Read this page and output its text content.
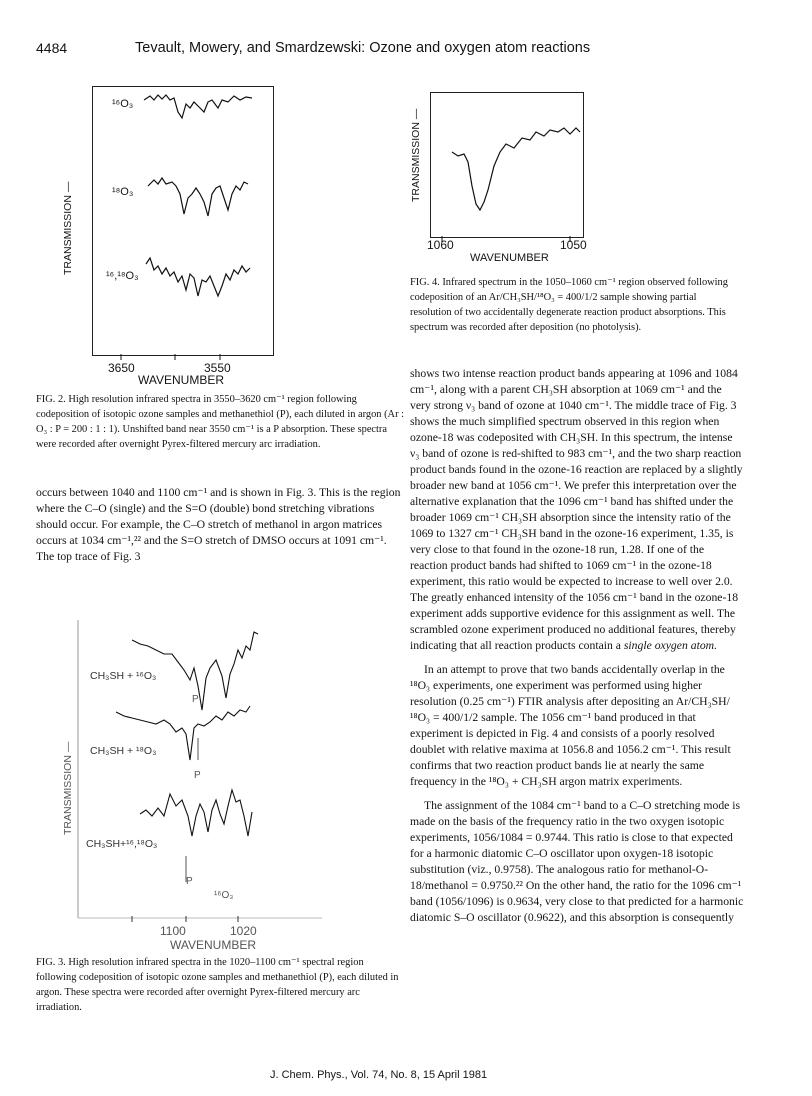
4484	Tevault, Mowery, and Smardzewski: Ozone and oxygen atom reactions
TRANSMISSION —
¹⁶O₃
¹⁸O₃
¹⁶,¹⁸O₃
3650	3550
WAVENUMBER
FIG. 2. High resolution infrared spectra in 3550–3620 cm⁻¹ region following codeposition of isotopic ozone samples and methanethiol (P), each diluted in argon (Ar : O₃ : P = 200 : 1 : 1). Unshifted band near 3550 cm⁻¹ is a P absorption. These spectra were recorded after overnight Pyrex-filtered mercury arc irradiation.

occurs between 1040 and 1100 cm⁻¹ and is shown in Fig. 3. This is the region where the C–O (single) and the S=O (double) bond stretching vibrations should occur. For example, the C–O stretch of methanol in argon matrices occurs at 1034 cm⁻¹,²² and the S=O stretch of DMSO occurs at 1091 cm⁻¹. The top trace of Fig. 3

TRANSMISSION —
CH₃SH + ¹⁶O₃
CH₃SH + ¹⁸O₃
CH₃SH+¹⁶,¹⁸O₃
P
P
P
¹⁶O₃
1100	1020
WAVENUMBER
FIG. 3. High resolution infrared spectra in the 1020–1100 cm⁻¹ spectral region following codeposition of isotopic ozone samples and methanethiol (P), each diluted in argon. These spectra were recorded after overnight Pyrex-filtered mercury arc irradiation.
TRANSMISSION —
1060	1050
WAVENUMBER
FIG. 4. Infrared spectrum in the 1050–1060 cm⁻¹ region observed following codeposition of an Ar/CH₃SH/¹⁸O₃ = 400/1/2 sample showing partial resolution of two accidentally degenerate reaction product absorptions. This spectrum was recorded after deposition (no photolysis).

shows two intense reaction product bands appearing at 1096 and 1084 cm⁻¹, along with a parent CH₃SH absorption at 1069 cm⁻¹ and the very strong ν₃ band of ozone at 1040 cm⁻¹. The middle trace of Fig. 3 shows the much simplified spectrum observed in this region when ozone-18 was codeposited with CH₃SH. In this spectrum, the intense ν₃ band of ozone is red-shifted to 983 cm⁻¹, and the two sharp reaction product bands found in the ozone-16 reaction are replaced by a slightly broader new band at 1056 cm⁻¹. We prefer this interpretation over the alternative explanation that the 1096 cm⁻¹ band has shifted under the broader 1069 cm⁻¹ CH₃SH absorption since the intensity ratio of the 1069 to 1327 cm⁻¹ CH₃SH band in the ozone-16 experiment, 1.35, is very close to that found in the ozone-18 run, 1.28. If one of the reaction product bands had shifted to 1069 cm⁻¹ in the ozone-18 experiment, this ratio would be expected to increase to well over 2.0. The greatly enhanced intensity of the 1056 cm⁻¹ band in the ozone-18 experiment adds supportive evidence for this assignment as well. The scrambled ozone experiment produced no additional features, thereby indicating that all reaction products contain a single oxygen atom.

In an attempt to prove that two bands accidentally overlap in the ¹⁸O₃ experiments, one experiment was performed using higher resolution (0.25 cm⁻¹) FTIR analysis after depositing an Ar/CH₃SH/¹⁸O₃ = 400/1/2 sample. The 1056 cm⁻¹ band produced in that experiment is depicted in Fig. 4 and consists of a poorly resolved doublet with relative maxima at 1056.8 and 1056.2 cm⁻¹. This result confirms that two reaction product bands lie at nearly the same frequency in the ¹⁸O₃ + CH₃SH argon matrix experiments.

The assignment of the 1084 cm⁻¹ band to a C–O stretching mode is made on the basis of the frequency ratio in the two oxygen isotopic experiments, 1056/1084 = 0.9744. This ratio is close to that expected for a harmonic diatomic C–O oscillator upon oxygen-18 isotopic substitution (viz., 0.9758). The analogous ratio for methanol-O-18/methanol = 0.9750.²² On the other hand, the ratio for the 1096 cm⁻¹ band (1056/1096) is 0.9634, very close to that predicted for a harmonic diatomic S–O oscillator (0.9622), and this absorption is consequently

J. Chem. Phys., Vol. 74, No. 8, 15 April 1981
